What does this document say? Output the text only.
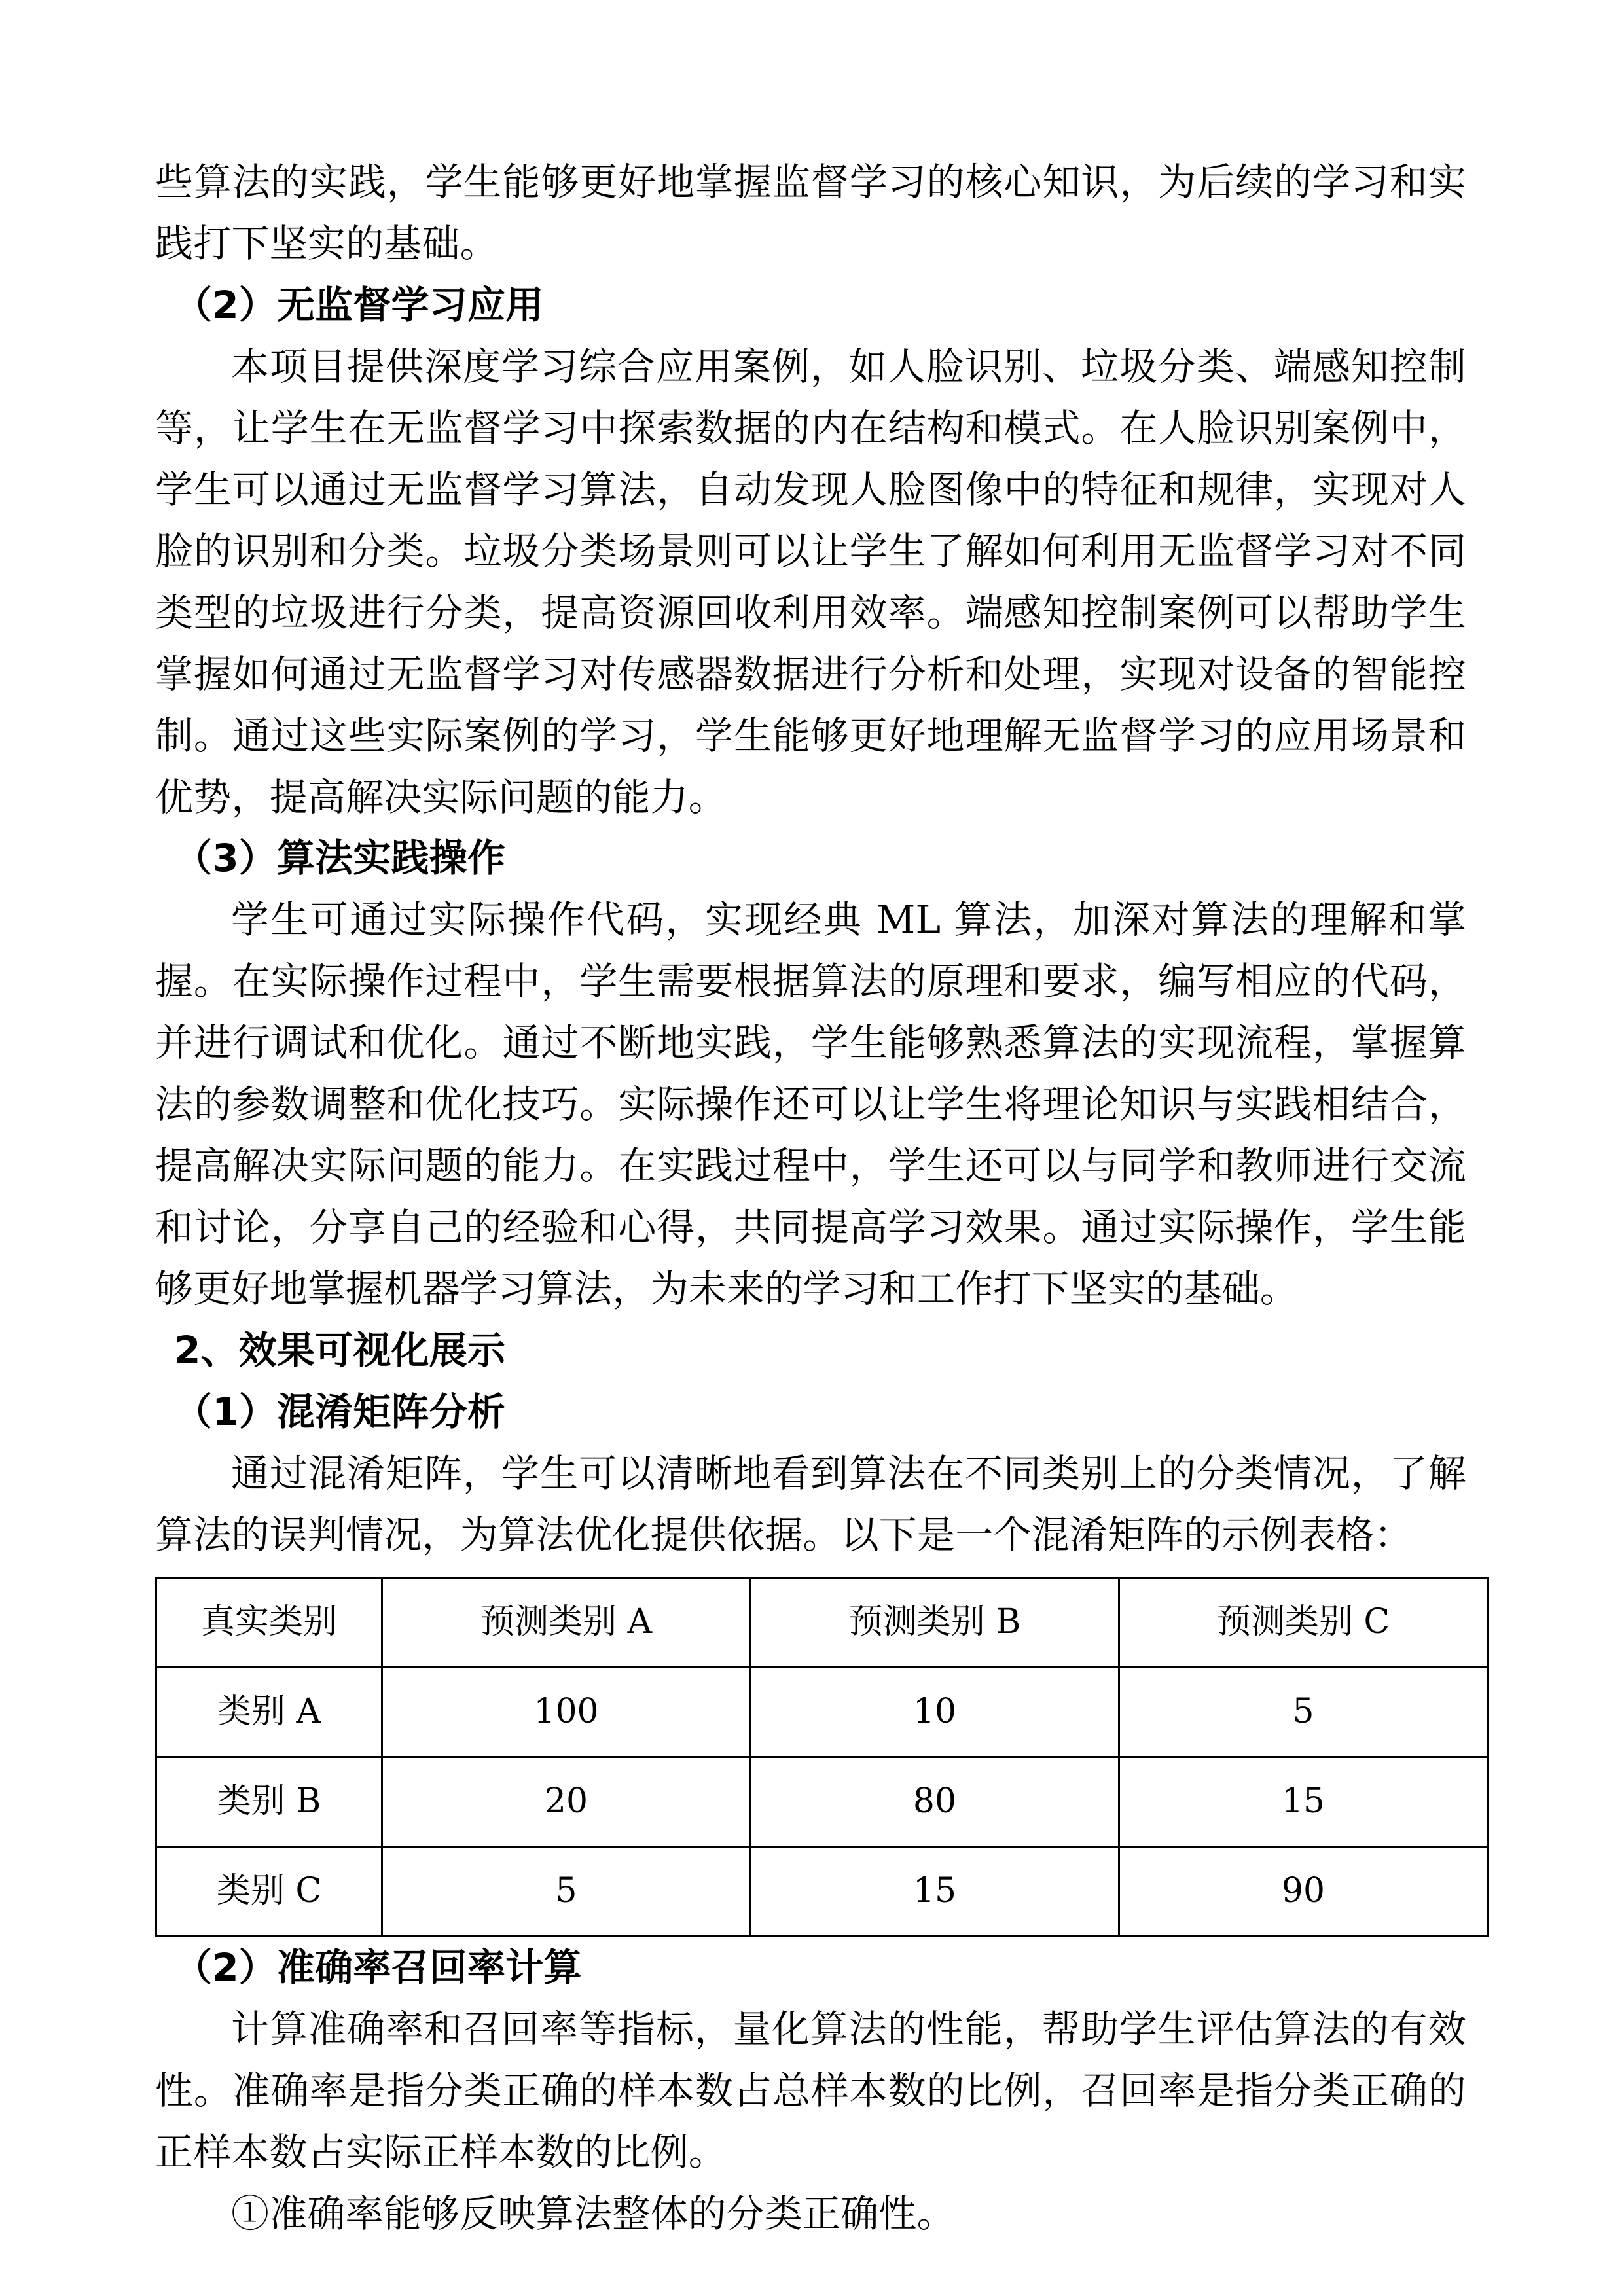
些算法的实践，学生能够更好地掌握监督学习的核心知识，为后续的学习和实践打下坚实的基础。

（2）无监督学习应用

本项目提供深度学习综合应用案例，如人脸识别、垃圾分类、端感知控制等，让学生在无监督学习中探索数据的内在结构和模式。在人脸识别案例中，学生可以通过无监督学习算法，自动发现人脸图像中的特征和规律，实现对人脸的识别和分类。垃圾分类场景则可以让学生了解如何利用无监督学习对不同类型的垃圾进行分类，提高资源回收利用效率。端感知控制案例可以帮助学生掌握如何通过无监督学习对传感器数据进行分析和处理，实现对设备的智能控制。通过这些实际案例的学习，学生能够更好地理解无监督学习的应用场景和优势，提高解决实际问题的能力。

（3）算法实践操作

学生可通过实际操作代码，实现经典 ML 算法，加深对算法的理解和掌握。在实际操作过程中，学生需要根据算法的原理和要求，编写相应的代码，并进行调试和优化。通过不断地实践，学生能够熟悉算法的实现流程，掌握算法的参数调整和优化技巧。实际操作还可以让学生将理论知识与实践相结合，提高解决实际问题的能力。在实践过程中，学生还可以与同学和教师进行交流和讨论，分享自己的经验和心得，共同提高学习效果。通过实际操作，学生能够更好地掌握机器学习算法，为未来的学习和工作打下坚实的基础。

2、效果可视化展示
（1）混淆矩阵分析

通过混淆矩阵，学生可以清晰地看到算法在不同类别上的分类情况，了解算法的误判情况，为算法优化提供依据。以下是一个混淆矩阵的示例表格：

真实类别	预测类别 A	预测类别 B	预测类别 C
类别 A	100	10	5
类别 B	20	80	15
类别 C	5	15	90
（2）准确率召回率计算

计算准确率和召回率等指标，量化算法的性能，帮助学生评估算法的有效性。准确率是指分类正确的样本数占总样本数的比例，召回率是指分类正确的正样本数占实际正样本数的比例。

①准确率能够反映算法整体的分类正确性。
